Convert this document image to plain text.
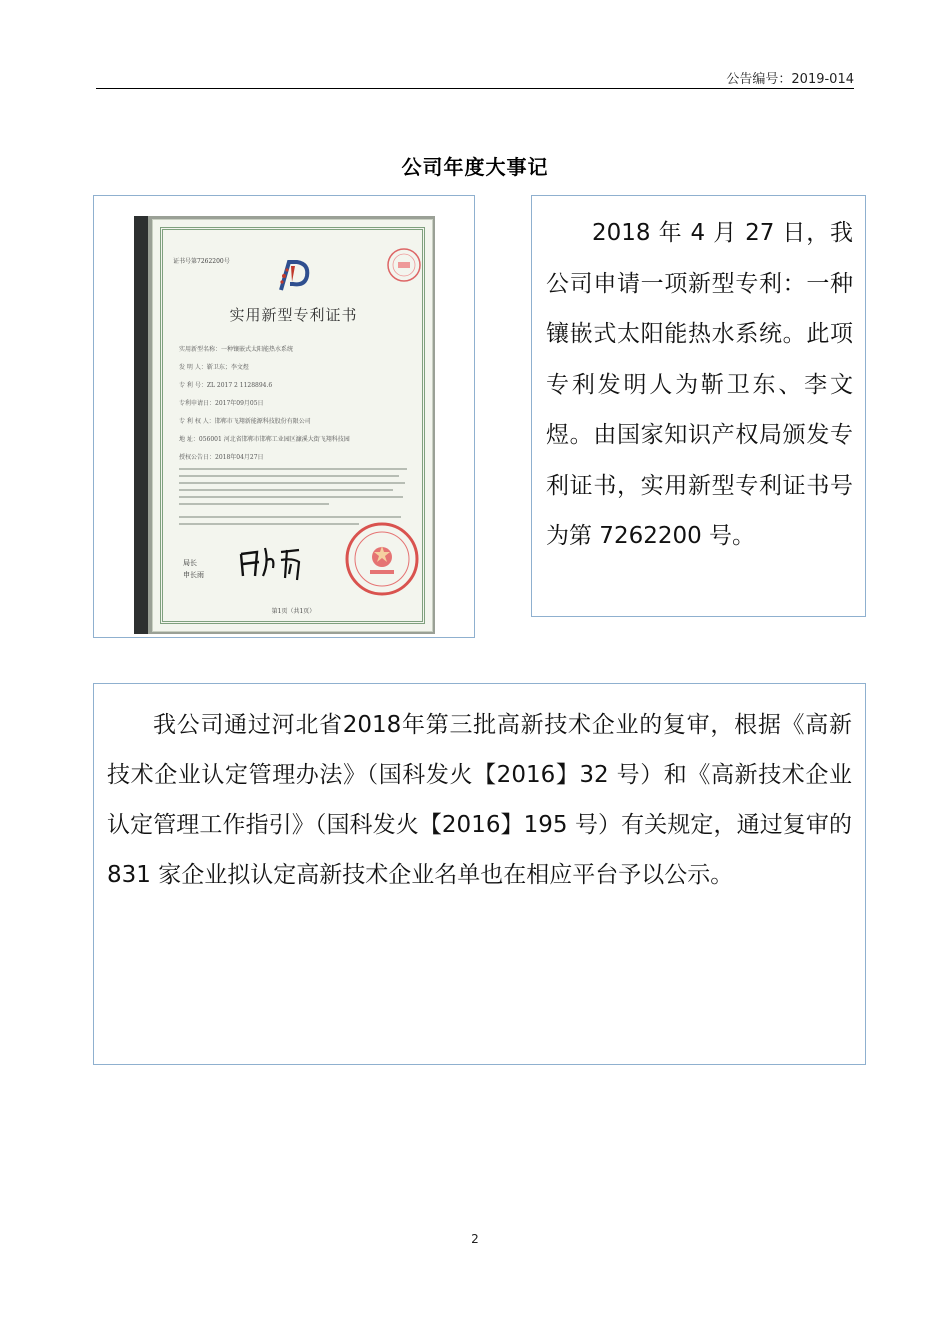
公告编号：2019-014
公司年度大事记
证书号第7262200号
实用新型专利证书
实用新型名称：一种镶嵌式太阳能热水系统
发 明 人：靳卫东；李文煜
专 利 号：ZL 2017 2 1128894.6
专利申请日：2017年09月05日
专 利 权 人：邯郸市飞翔新能源科技股份有限公司
地 址：056001 河北省邯郸市邯郸工业园区濂溪大街飞翔科技园
授权公告日：2018年04月27日
局长
申长雨
第1页（共1页）

2018 年 4 月 27 日，我公司申请一项新型专利：一种镶嵌式太阳能热水系统。此项专利发明人为靳卫东、李文煜。由国家知识产权局颁发专利证书，实用新型专利证书号为第 7262200 号。

我公司通过河北省2018年第三批高新技术企业的复审，根据《高新技术企业认定管理办法》（国科发火【2016】32 号）和《高新技术企业认定管理工作指引》（国科发火【2016】195 号）有关规定，通过复审的 831 家企业拟认定高新技术企业名单也在相应平台予以公示。

2
